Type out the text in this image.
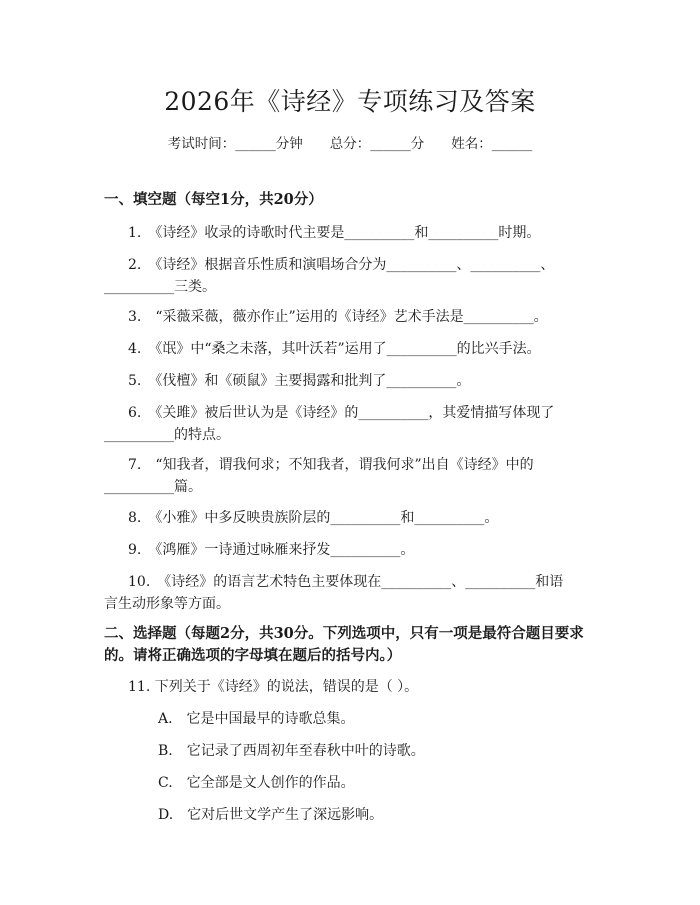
2026年《诗经》专项练习及答案
考试时间：______分钟　　总分：______分　　姓名：______
一、填空题（每空1分，共20分）
1.　《诗经》收录的诗歌时代主要是__________和__________时期。
2.　《诗经》根据音乐性质和演唱场合分为__________、__________、__________三类。
3.　“采薇采薇，薇亦作止”运用的《诗经》艺术手法是__________。
4.　《氓》中“桑之未落，其叶沃若”运用了__________的比兴手法。
5.　《伐檀》和《硕鼠》主要揭露和批判了__________。
6.　《关雎》被后世认为是《诗经》的__________，其爱情描写体现了__________的特点。
7.　“知我者，谓我何求；不知我者，谓我何求”出自《诗经》中的__________篇。
8.　《小雅》中多反映贵族阶层的__________和__________。
9.　《鸿雁》一诗通过咏雁来抒发__________。
10.　《诗经》的语言艺术特色主要体现在__________、__________和语言生动形象等方面。
二、选择题（每题2分，共30分。下列选项中，只有一项是最符合题目要求的。请将正确选项的字母填在题后的括号内。）
11. 下列关于《诗经》的说法，错误的是（ ）。
A.　它是中国最早的诗歌总集。
B.　它记录了西周初年至春秋中叶的诗歌。
C.　它全部是文人创作的作品。
D.　它对后世文学产生了深远影响。
